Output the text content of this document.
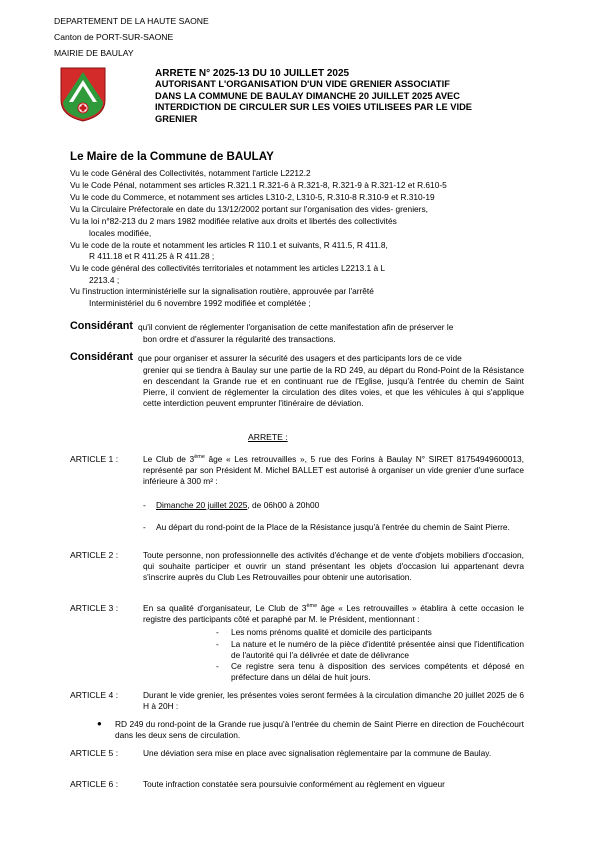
DEPARTEMENT DE LA HAUTE SAONE
Canton de PORT-SUR-SAONE
MAIRIE DE BAULAY
ARRETE N° 2025-13 DU 10 JUILLET 2025
AUTORISANT L'ORGANISATION D'UN VIDE GRENIER ASSOCIATIF
DANS LA COMMUNE DE BAULAY DIMANCHE 20 JUILLET 2025 AVEC
INTERDICTION DE CIRCULER SUR LES VOIES UTILISEES PAR LE VIDE
GRENIER
Le Maire de la Commune de BAULAY
Vu le code Général des Collectivités, notamment l'article L2212.2
Vu le Code Pénal, notamment ses articles R.321.1 R.321-6 à R.321-8, R.321-9 à R.321-12 et R.610-5
Vu le code du Commerce, et notamment ses articles L310-2, L310-5, R.310-8 R.310-9 et R.310-19
Vu la Circulaire Préfectorale en date du 13/12/2002 portant sur l'organisation des vides- greniers,
Vu la loi n°82-213 du 2 mars 1982 modifiée relative aux droits et libertés des collectivités
locales modifiée,
Vu le code de la route et notamment les articles R 110.1 et suivants, R 411.5, R 411.8,
R 411.18 et R 411.25 à R 411.28 ;
Vu le code général des collectivités territoriales et notamment les articles L2213.1 à L
2213.4 ;
Vu l'instruction interministérielle sur la signalisation routière, approuvée par l'arrêté
Interministériel du 6 novembre 1992 modifiée et complétée ;
Considérant qu'il convient de réglementer l'organisation de cette manifestation afin de préserver le
bon ordre et d'assurer la régularité des transactions.
Considérant que pour organiser et assurer la sécurité des usagers et des participants lors de ce vide
grenier qui se tiendra à Baulay sur une partie de la RD 249, au départ du Rond-Point de la Résistance en descendant la Grande rue et en continuant rue de l'Eglise, jusqu'à l'entrée du chemin de Saint Pierre, il convient de réglementer la circulation des dites voies, et que les véhicules à qui s'applique cette interdiction peuvent emprunter l'itinéraire de déviation.
ARRETE :
ARTICLE 1 :	Le Club de 3ème âge « Les retrouvailles », 5 rue des Forins à Baulay N° SIRET 81754949600013, représenté par son Président M. Michel BALLET est autorisé à organiser un vide grenier d'une surface inférieure à 300 m² :
- Dimanche 20 juillet 2025, de 06h00 à 20h00
- Au départ du rond-point de la Place de la Résistance jusqu'à l'entrée du chemin de Saint Pierre.
ARTICLE 2 :	Toute personne, non professionnelle des activités d'échange et de vente d'objets mobiliers d'occasion, qui souhaite participer et ouvrir un stand présentant les objets d'occasion lui appartenant devra s'inscrire auprès du Club Les Retrouvailles pour obtenir une autorisation.
ARTICLE 3 :	En sa qualité d'organisateur, Le Club de 3ème âge « Les retrouvailles » établira à cette occasion le registre des participants côté et paraphé par M. le Président, mentionnant :
- Les noms prénoms qualité et domicile des participants
- La nature et le numéro de la pièce d'identité présentée ainsi que l'identification de l'autorité qui l'a délivrée et date de délivrance
- Ce registre sera tenu à disposition des services compétents et déposé en préfecture dans un délai de huit jours.
ARTICLE 4 :	Durant le vide grenier, les présentes voies seront fermées à la circulation dimanche 20 juillet 2025 de 6 H à 20H :
● RD 249 du rond-point de la Grande rue jusqu'à l'entrée du chemin de Saint Pierre en direction de Fouchécourt dans les deux sens de circulation.
ARTICLE 5 :	Une déviation sera mise en place avec signalisation règlementaire par la commune de Baulay.
ARTICLE 6 :	Toute infraction constatée sera poursuivie conformément au règlement en vigueur
